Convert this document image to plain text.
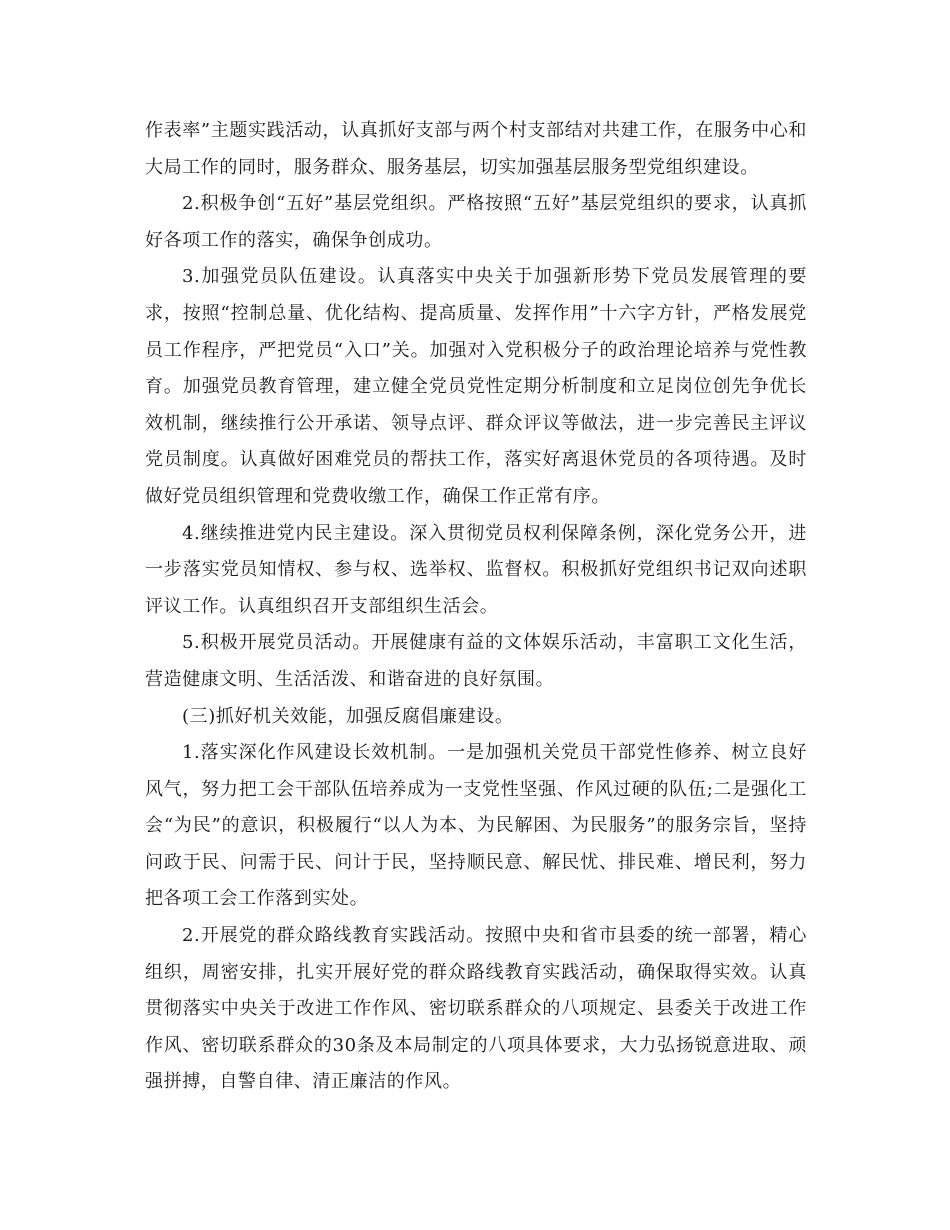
作表率”主题实践活动，认真抓好支部与两个村支部结对共建工作，在服务中心和大局工作的同时，服务群众、服务基层，切实加强基层服务型党组织建设。

2.积极争创“五好”基层党组织。严格按照“五好”基层党组织的要求，认真抓好各项工作的落实，确保争创成功。

3.加强党员队伍建设。认真落实中央关于加强新形势下党员发展管理的要求，按照“控制总量、优化结构、提高质量、发挥作用”十六字方针，严格发展党员工作程序，严把党员“入口”关。加强对入党积极分子的政治理论培养与党性教育。加强党员教育管理，建立健全党员党性定期分析制度和立足岗位创先争优长效机制，继续推行公开承诺、领导点评、群众评议等做法，进一步完善民主评议党员制度。认真做好困难党员的帮扶工作，落实好离退休党员的各项待遇。及时做好党员组织管理和党费收缴工作，确保工作正常有序。

4.继续推进党内民主建设。深入贯彻党员权利保障条例，深化党务公开，进一步落实党员知情权、参与权、选举权、监督权。积极抓好党组织书记双向述职评议工作。认真组织召开支部组织生活会。

5.积极开展党员活动。开展健康有益的文体娱乐活动，丰富职工文化生活，营造健康文明、生活活泼、和谐奋进的良好氛围。

(三)抓好机关效能，加强反腐倡廉建设。

1.落实深化作风建设长效机制。一是加强机关党员干部党性修养、树立良好风气，努力把工会干部队伍培养成为一支党性坚强、作风过硬的队伍;二是强化工会“为民”的意识，积极履行“以人为本、为民解困、为民服务”的服务宗旨，坚持问政于民、问需于民、问计于民，坚持顺民意、解民忧、排民难、增民利，努力把各项工会工作落到实处。

2.开展党的群众路线教育实践活动。按照中央和省市县委的统一部署，精心组织，周密安排，扎实开展好党的群众路线教育实践活动，确保取得实效。认真贯彻落实中央关于改进工作作风、密切联系群众的八项规定、县委关于改进工作作风、密切联系群众的30条及本局制定的八项具体要求，大力弘扬锐意进取、顽强拼搏，自警自律、清正廉洁的作风。
